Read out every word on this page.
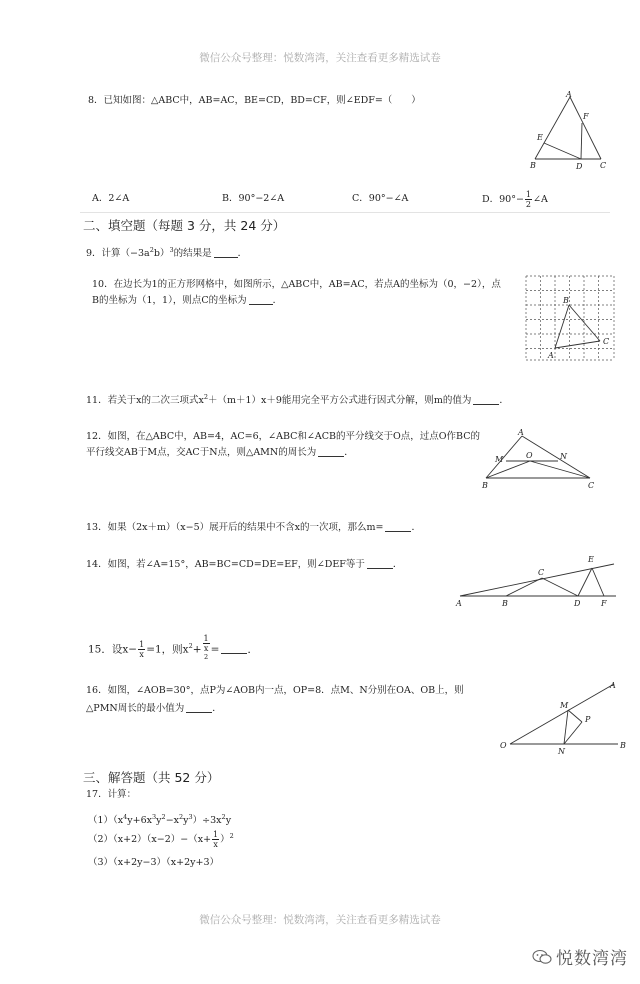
微信公众号整理：悦数湾湾，关注查看更多精选试卷
8．已知如图：△ABC中，AB=AC，BE=CD，BD=CF，则∠EDF=（　　）
A
B	C
D
E
F
A．2∠A	B．90°−2∠A	C．90°−∠A	D．$90^\circ- \frac{1}{2}$ ∠A
二、填空题（每题 3 分，共 24 分）
9．计算$(-3a^2b)^3$的结果是	．
10．在边长为1的正方形网格中，如图所示，△ABC中，AB=AC，若点A的坐标为（0，−2），点
B的坐标为（1，1），则点C的坐标为	．	B
A
C
11．若关于x的二次三项式$x^2+(m+1)x+9$能用完全平方公式进行因式分解，则m的值为	．
12．如图，在△ABC中，AB=4，AC=6，∠ABC和∠ACB的平分线交于O点，过点O作BC的
平行线交AB于M点，交AC于N点，则△AMN的周长为	．
A
B	C
M	N
O
13．如果（2x＋m）（x−5）展开后的结果中不含x的一次项，那么m=	．
14．如图，若∠A=15°，AB=BC=CD=DE=EF，则∠DEF等于	．
A	B
C
D
E
F
15．设$x- \frac{1}{x} =1$，则$x^2+ 1$
x
$^2$ =	．
16．如图，∠AOB=30°，点P为∠AOB内一点，OP=8．点M、N分别在OA、OB上，则
△PMN周长的最小值为	．
O	B
A
M
N
P
三、解答题（共 52 分）
17．计算：
$(1)(x^4y+6x^3y^2-x^2y^3)\div 3x^2y$
$(2)(x+2)(x-2)-(x+ \frac{1}{x} )^2$
（3）（x+2y−3）（x+2y+3）
微信公众号整理：悦数湾湾，关注查看更多精选试卷
悦数湾湾
